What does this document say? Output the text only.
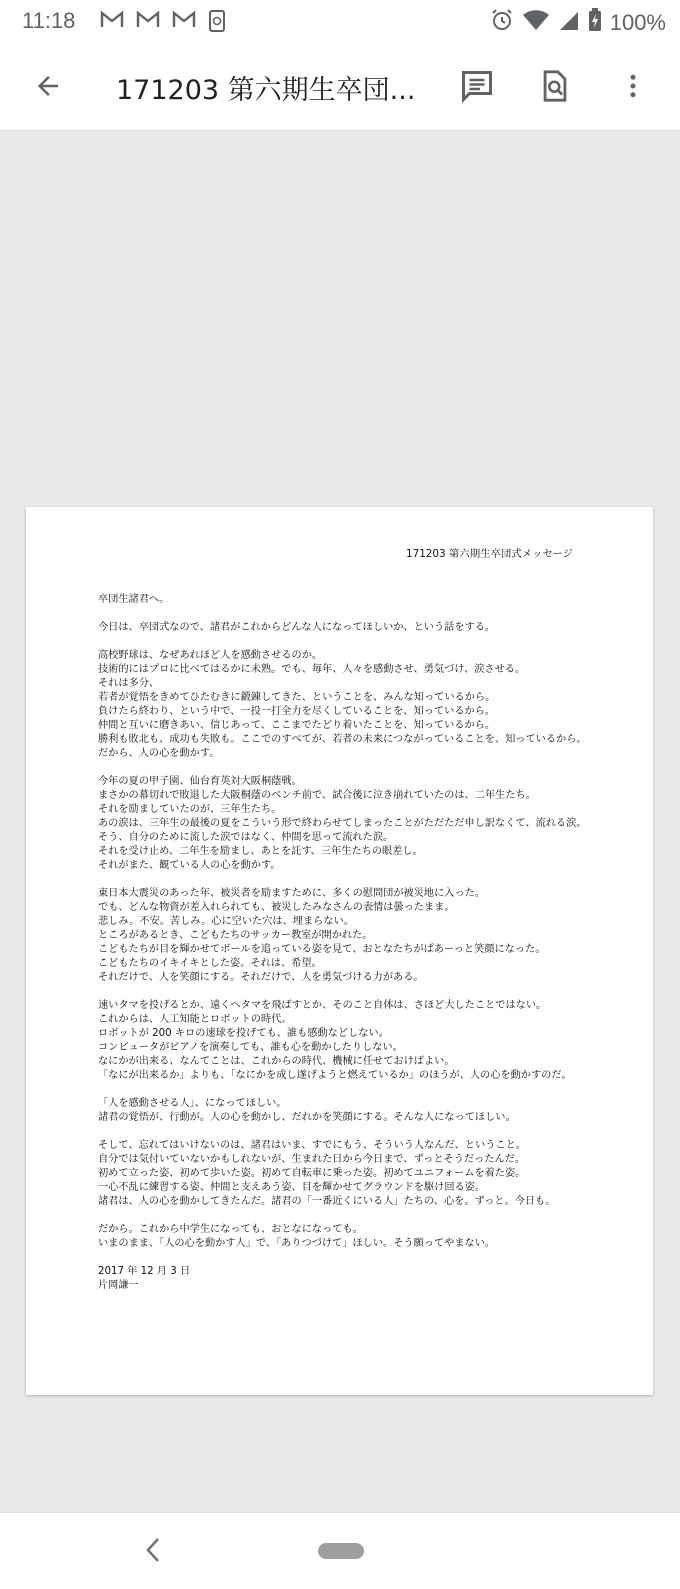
11:18	100%
171203 第六期生卒団...
171203 第六期生卒団式メッセージ
卒団生諸君へ。
今日は、卒団式なので、諸君がこれからどんな人になってほしいか、という話をする。
高校野球は、なぜあれほど人を感動させるのか。
技術的にはプロに比べてはるかに未熟。でも、毎年、人々を感動させ、勇気づけ、涙させる。
それは多分、
若者が覚悟をきめてひたむきに鍛錬してきた、ということを、みんな知っているから。
負けたら終わり、という中で、一投一打全力を尽くしていることを、知っているから。
仲間と互いに磨きあい、信じあって、ここまでたどり着いたことを、知っているから。
勝利も敗北も、成功も失敗も。ここでのすべてが、若者の未来につながっていることを、知っているから。
だから、人の心を動かす。
今年の夏の甲子園、仙台育英対大阪桐蔭戦。
まさかの幕切れで敗退した大阪桐蔭のベンチ前で、試合後に泣き崩れていたのは、二年生たち。
それを励ましていたのが、三年生たち。
あの涙は、三年生の最後の夏をこういう形で終わらせてしまったことがただただ申し訳なくて、流れる涙。
そう、自分のために流した涙ではなく、仲間を思って流れた涙。
それを受け止め、二年生を励まし、あとを託す、三年生たちの眼差し。
それがまた、観ている人の心を動かす。
東日本大震災のあった年、被災者を励ますために、多くの慰問団が被災地に入った。
でも、どんな物資が差入れられても、被災したみなさんの表情は曇ったまま。
悲しみ。不安。苦しみ。心に空いた穴は、埋まらない。
ところがあるとき、こどもたちのサッカー教室が開かれた。
こどもたちが目を輝かせてボールを追っている姿を見て、おとなたちがぱあーっと笑顔になった。
こどもたちのイキイキとした姿。それは、希望。
それだけで、人を笑顔にする。それだけで、人を勇気づける力がある。
速いタマを投げるとか、遠くヘタマを飛ばすとか、そのこと自体は、さほど大したことではない。
これからは、人工知能とロボットの時代。
ロボットが 200 キロの速球を投げても、誰も感動などしない。
コンピュータがピアノを演奏しても、誰も心を動かしたりしない。
なにかが出来る、なんてことは、これからの時代、機械に任せておけばよい。
「なにが出来るか」よりも、「なにかを成し遂げようと燃えているか」のほうが、人の心を動かすのだ。
「人を感動させる人」、になってほしい。
諸君の覚悟が、行動が。人の心を動かし、だれかを笑顔にする。そんな人になってほしい。
そして、忘れてはいけないのは、諸君はいま、すでにもう、そういう人なんだ、ということ。
自分では気付いていないかもしれないが、生まれた日から今日まで、ずっとそうだったんだ。
初めて立った姿、初めて歩いた姿。初めて自転車に乗った姿。初めてユニフォームを着た姿。
一心不乱に練習する姿、仲間と支えあう姿、目を輝かせてグラウンドを駆け回る姿。
諸君は、人の心を動かしてきたんだ。諸君の「一番近くにいる人」たちの、心を。ずっと。今日も。
だから。これから中学生になっても、おとなになっても。
いまのまま、「人の心を動かす人」で、「ありつづけて」ほしい。そう願ってやまない。
2017 年 12 月 3 日
片岡謙一
